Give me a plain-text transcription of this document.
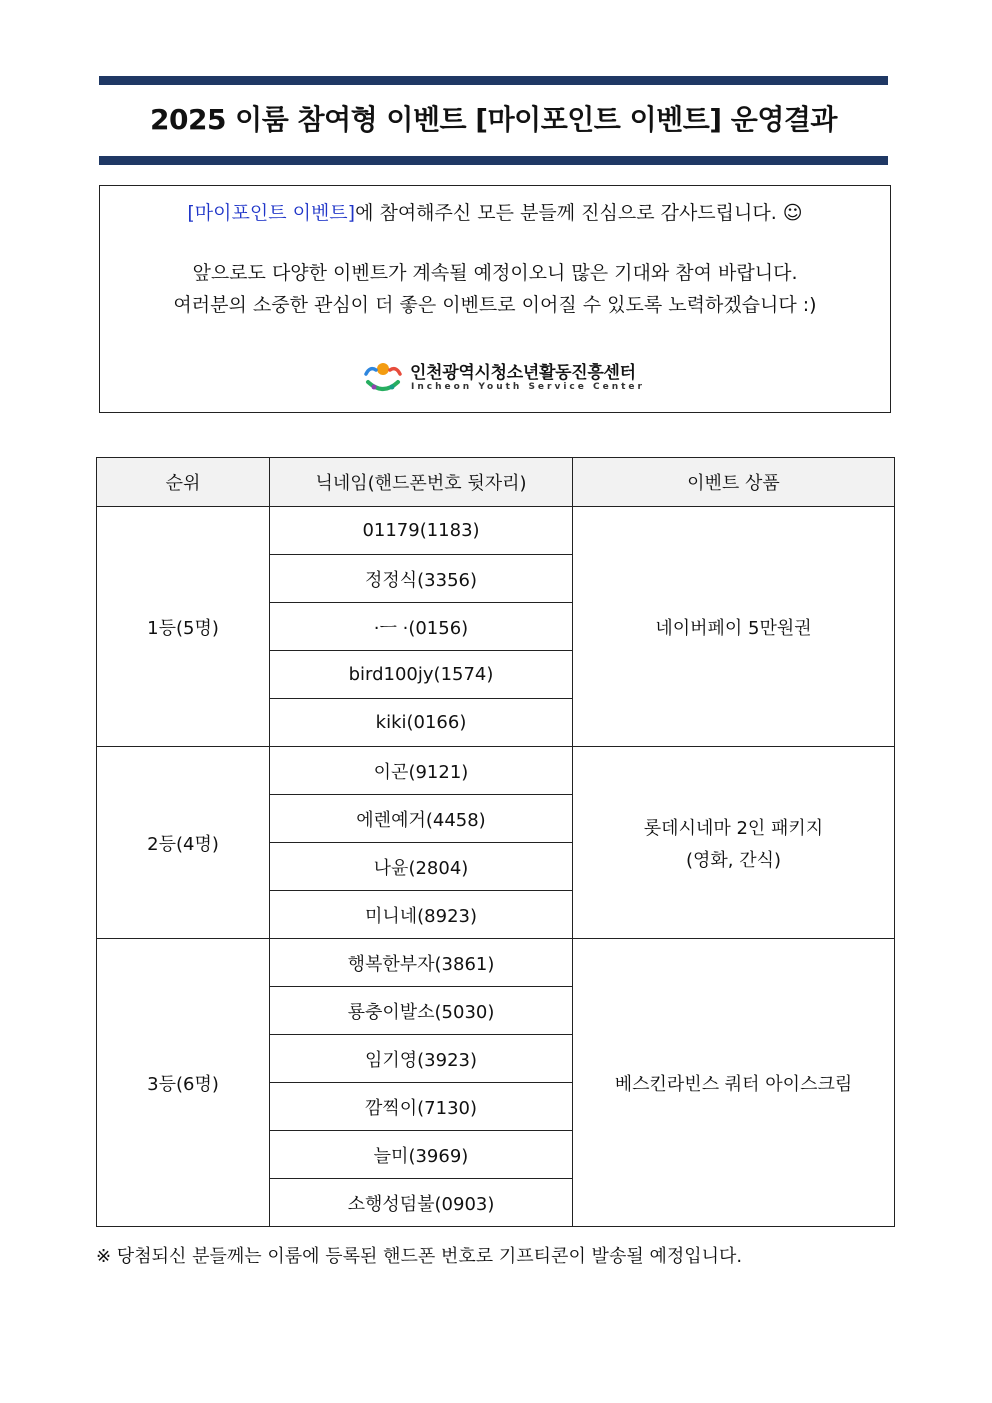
2025 이룸 참여형 이벤트 [마이포인트 이벤트] 운영결과
[마이포인트 이벤트]에 참여해주신 모든 분들께 진심으로 감사드립니다. ☺
앞으로도 다양한 이벤트가 계속될 예정이오니 많은 기대와 참여 바랍니다.
여러분의 소중한 관심이 더 좋은 이벤트로 이어질 수 있도록 노력하겠습니다 :)
인천광역시청소년활동진흥센터
Incheon Youth Service Center
순위	닉네임(핸드폰번호 뒷자리)	이벤트 상품
1등(5명)	01179(1183)	네이버페이 5만원권

	정정식(3356)	
	·ㅡ ·(0156)	
	bird100jy(1574)	
	kiki(0166)	
2등(4명)	이곤(9121)	롯데시네마 2인 패키지
(영화, 간식)

	에렌예거(4458)	
	나윤(2804)	
	미니네(8923)	
3등(6명)	행복한부자(3861)	베스킨라빈스 쿼터 아이스크림

	룡충이발소(5030)	
	임기영(3923)	
	깜찍이(7130)	
	늘미(3969)	
	소행성덤불(0903)	
※ 당첨되신 분들께는 이룸에 등록된 핸드폰 번호로 기프티콘이 발송될 예정입니다.
